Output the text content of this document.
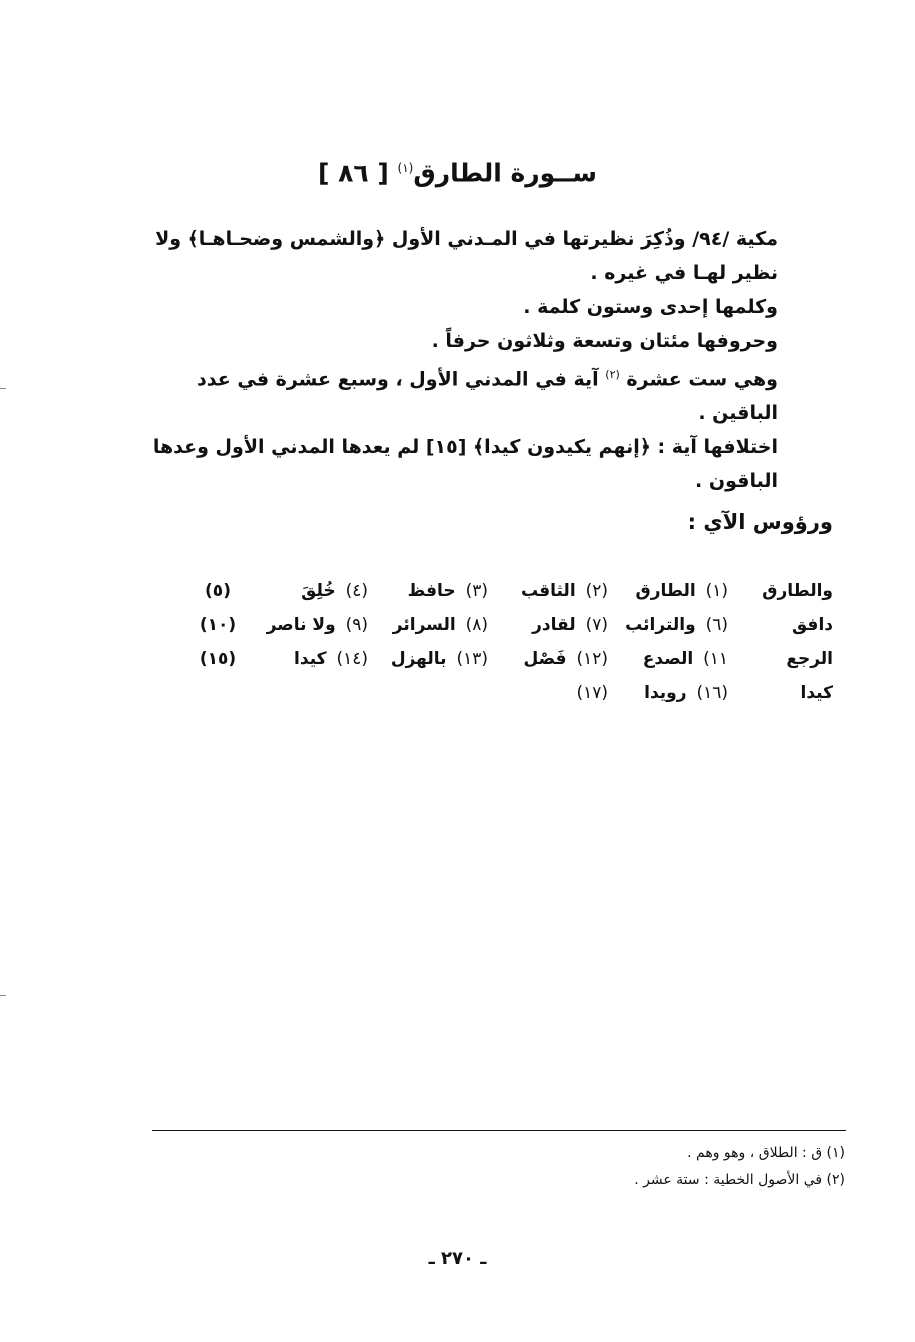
ســورة الطارق$^{(١)}$ [ ٨٦ ]

مكية /٩٤/ وذُكِرَ نظيرتها في المـدني الأول ﴿والشمس وضحـاهـا﴾ ولا نظير لهـا في غيره .

وكلمها إحدى وستون كلمة .

وحروفها مئتان وتسعة وثلاثون حرفاً .

وهي ست عشرة $^{(٢)}$ آية في المدني الأول ، وسبع عشرة في عدد الباقين .

اختلافها آية : ﴿إنهم يكيدون كيدا﴾ [١٥] لم يعدها المدني الأول وعدها الباقون .

ورؤوس الآي :
والطارق
(١) الطارق
(٢) الثاقب
(٣) حافظ
(٤) خُلِقَ
(٥)
دافق
(٦) والترائب
(٧) لقادر
(٨) السرائر
(٩) ولا ناصر
(١٠)
الرجع
١١) الصدع
(١٢) فَصْل
(١٣) بالهزل
(١٤) كيدا
(١٥)
كيدا
(١٦) رويدا
(١٧)

(١) ق : الطلاق ، وهو وهم .

(٢) في الأصول الخطية : ستة عشر .

ـ ٢٧٠ ـ
